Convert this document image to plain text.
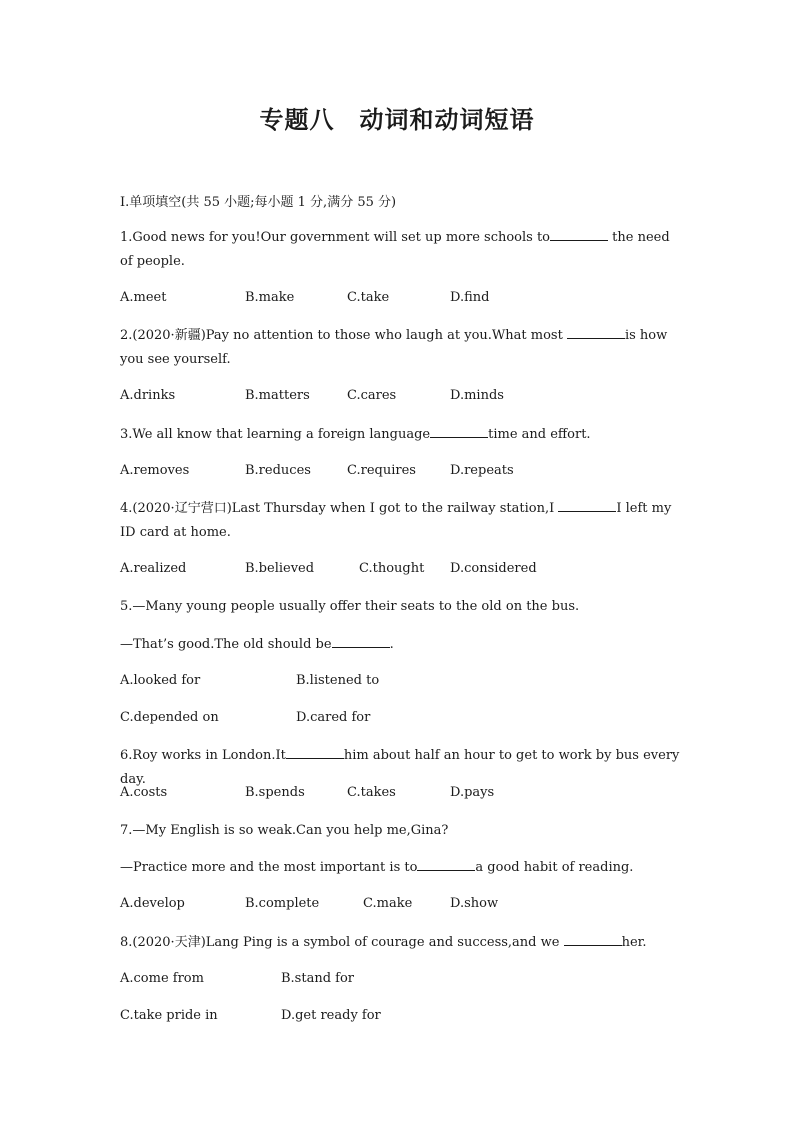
专题八　动词和动词短语
Ⅰ.单项填空(共 55 小题;每小题 1 分,满分 55 分)
1.Good news for you!Our government will set up more schools to	the need of people.
A.meet	B.make	C.take	D.find
2.(2020·新疆)Pay no attention to those who laugh at you.What most	is how you see yourself.
A.drinks	B.matters	C.cares	D.minds
3.We all know that learning a foreign language	time and effort.
A.removes	B.reduces	C.requires	D.repeats
4.(2020·辽宁营口)Last Thursday when I got to the railway station,I	I left my ID card at home.
A.realized	B.believed	C.thought D.considered
5.—Many young people usually offer their seats to the old on the bus.
—That’s good.The old should be	.
A.looked for	B.listened to
C.depended on	D.cared for
6.Roy works in London.It	him about half an hour to get to work by bus every day.
A.costs	B.spends	C.takes	D.pays
7.—My English is so weak.Can you help me,Gina?
—Practice more and the most important is to	a good habit of reading.
A.develop	B.complete	C.make	D.show
8.(2020·天津)Lang Ping is a symbol of courage and success,and we	her.
A.come from	B.stand for
C.take pride in	D.get ready for
